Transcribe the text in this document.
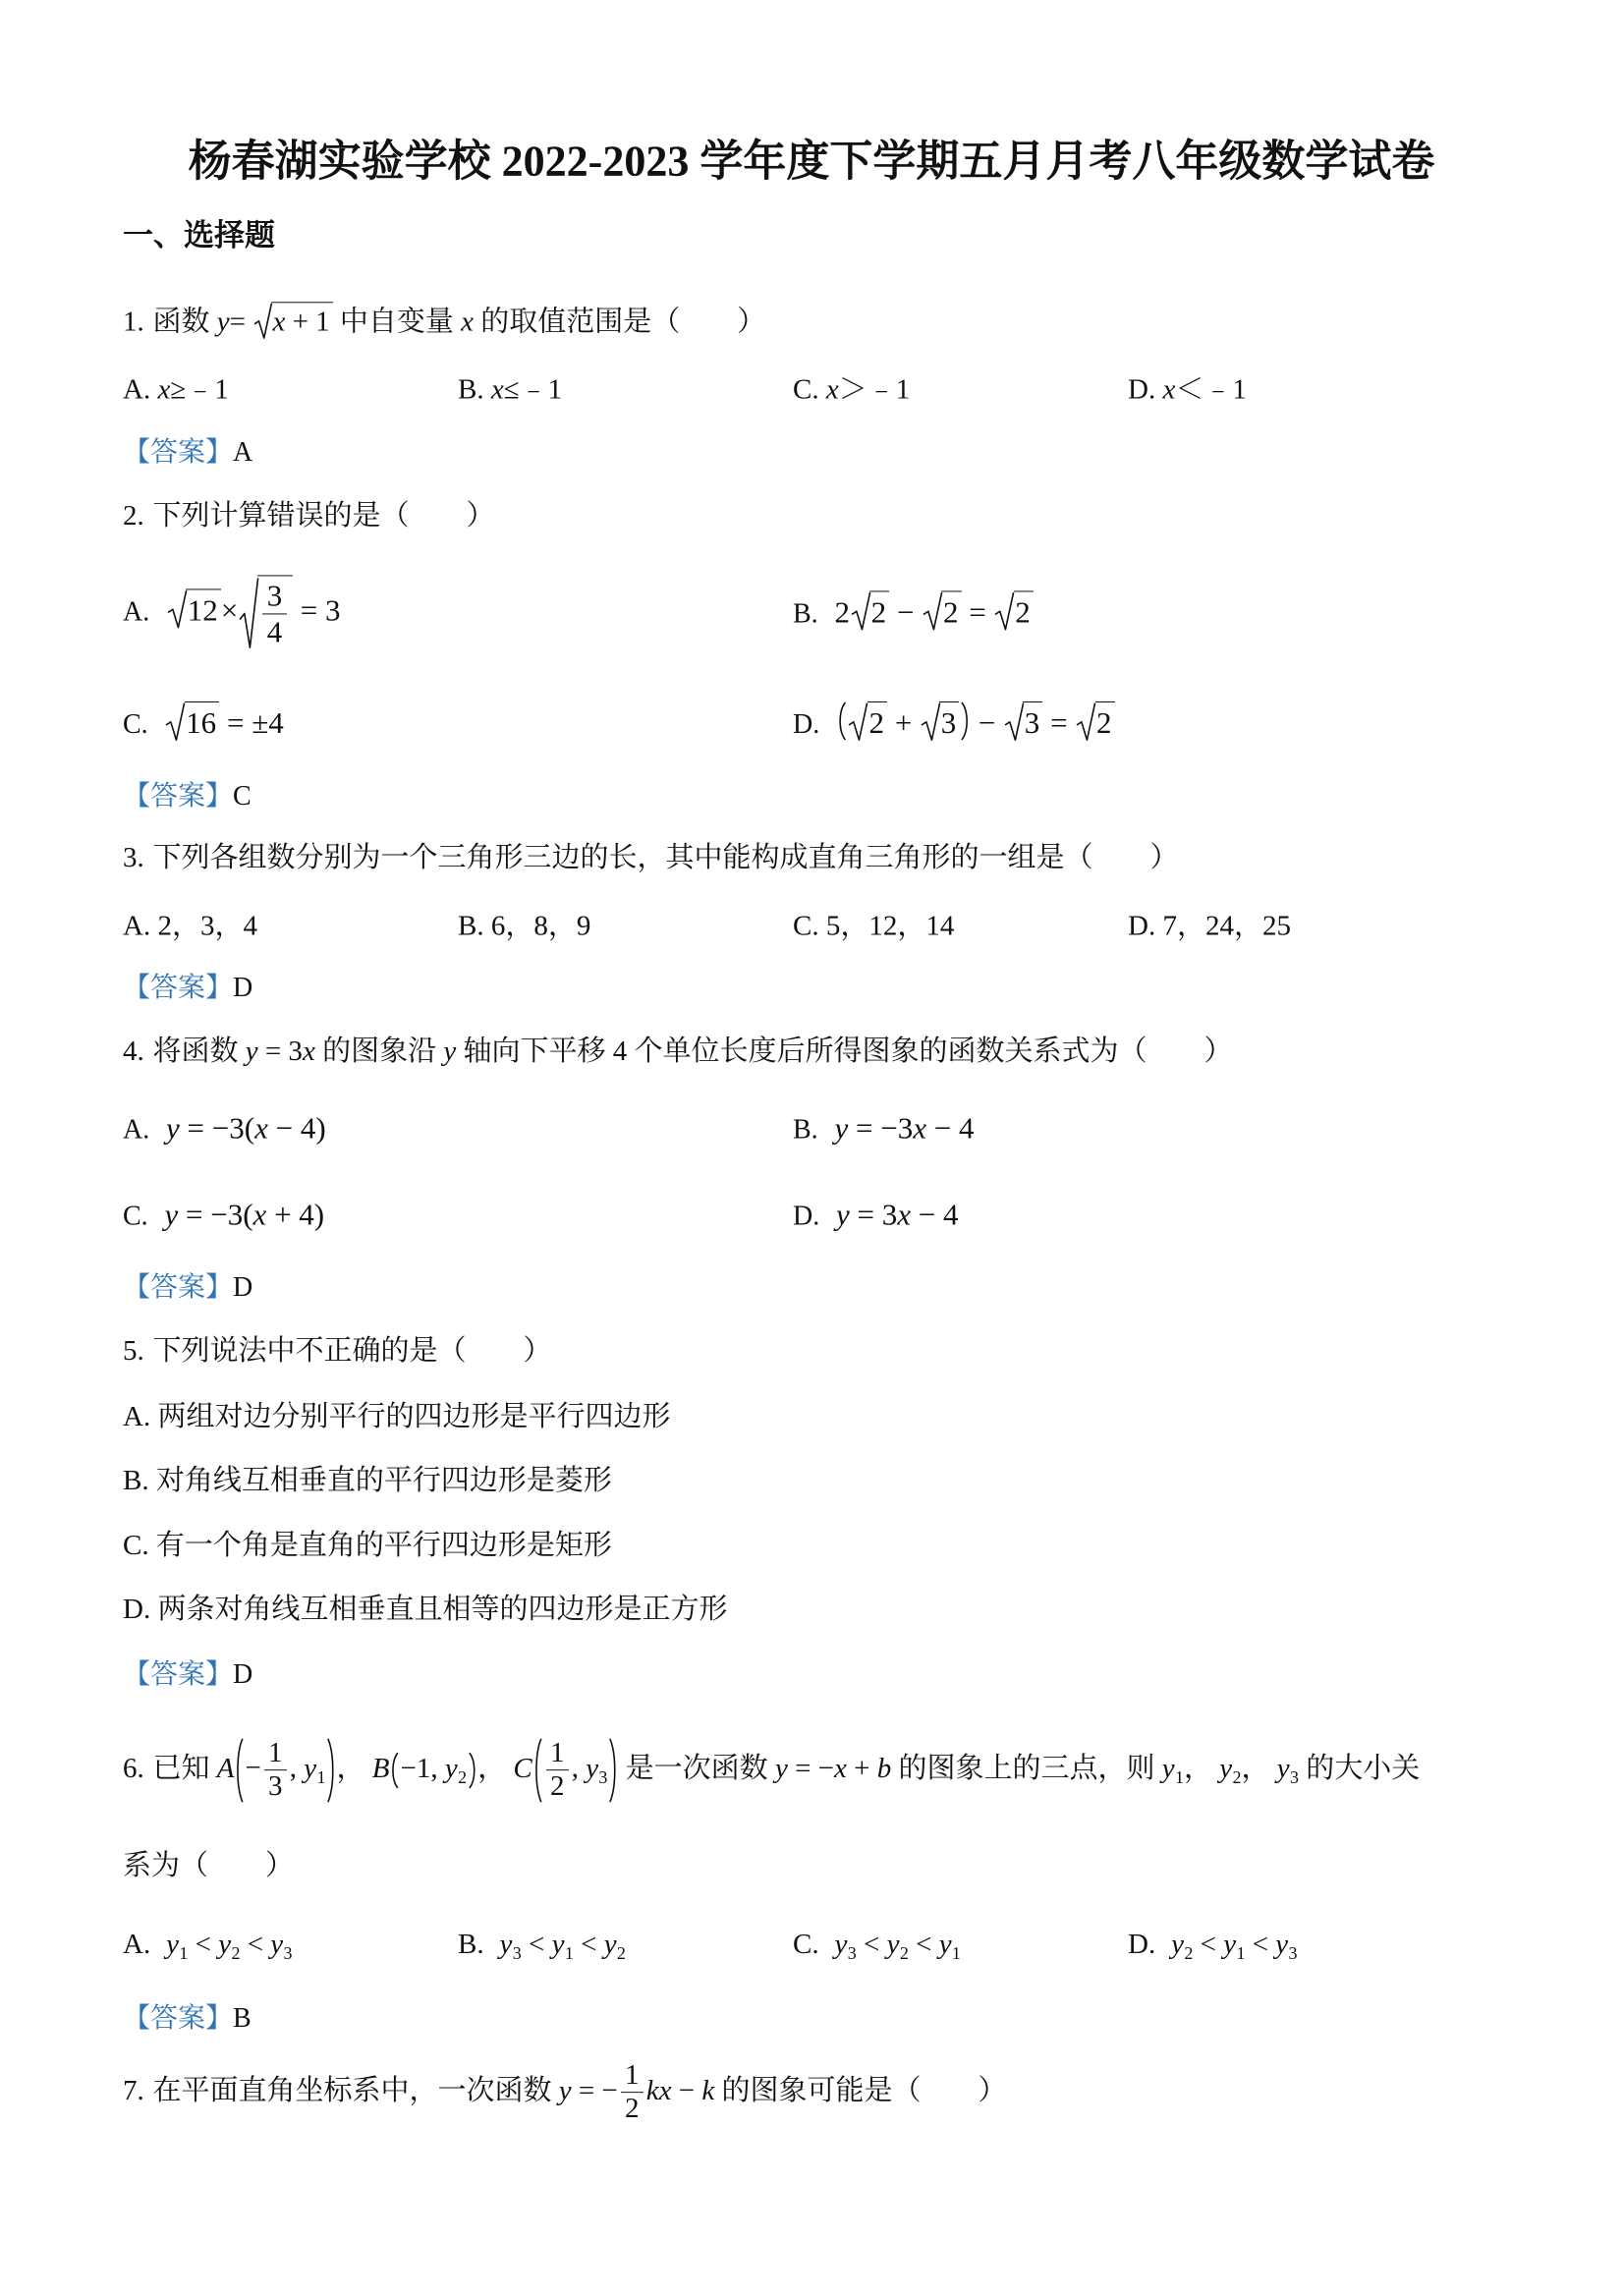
杨春湖实验学校 2022-2023 学年度下学期五月月考八年级数学试卷
一、选择题
1. 函数 y=
x + 1 中自变量 x 的取值范围是（　　）
A. x≥﹣1	B. x≤﹣1	C. x＞﹣1	D. x＜﹣1
【答案】A
2. 下列计算错误的是（　　）
A. $12\times \frac{3}{4} = 3$	B. 2 2 −
2 =
2
C. 16 = ±4	D. 2 +
3
−
3 =
2
【答案】C
3. 下列各组数分别为一个三角形三边的长，其中能构成直角三角形的一组是（　　）
A. 2，3，4	B. 6，8，9	C. 5，12，14	D. 7，24，25
【答案】D
4. 将函数 y = 3x 的图象沿 y 轴向下平移 4 个单位长度后所得图象的函数关系式为（　　）
A. y = −3(x − 4)	B. y = −3x − 4
C. y = −3(x + 4)	D. y = 3x − 4
【答案】D
5. 下列说法中不正确的是（　　）
A. 两组对边分别平行的四边形是平行四边形
B. 对角线互相垂直的平行四边形是菱形
C. 有一个角是直角的平行四边形是矩形
D. 两条对角线互相垂直且相等的四边形是正方形
【答案】D
6. 已知 $A - \frac{1}{3}$ , $y_1$ ， B −1, $y_2$ ， C $\frac{1}{2}$ , $y_3$
是一次函数 y = −x + b 的图象上的三点，则 $y_1$， $y_2$， $y_3$ 的大小关
系为（　　）
A. $y_1 < y_2 < y_3$	B. $y_3 < y_1 < y_2$	C. $y_3 < y_2 < y_1$	D. $y_2 < y_1 < y_3$
【答案】B
7. 在平面直角坐标系中，一次函数 y = − $\frac{1}{2}$ kx − k 的图象可能是（　　）
